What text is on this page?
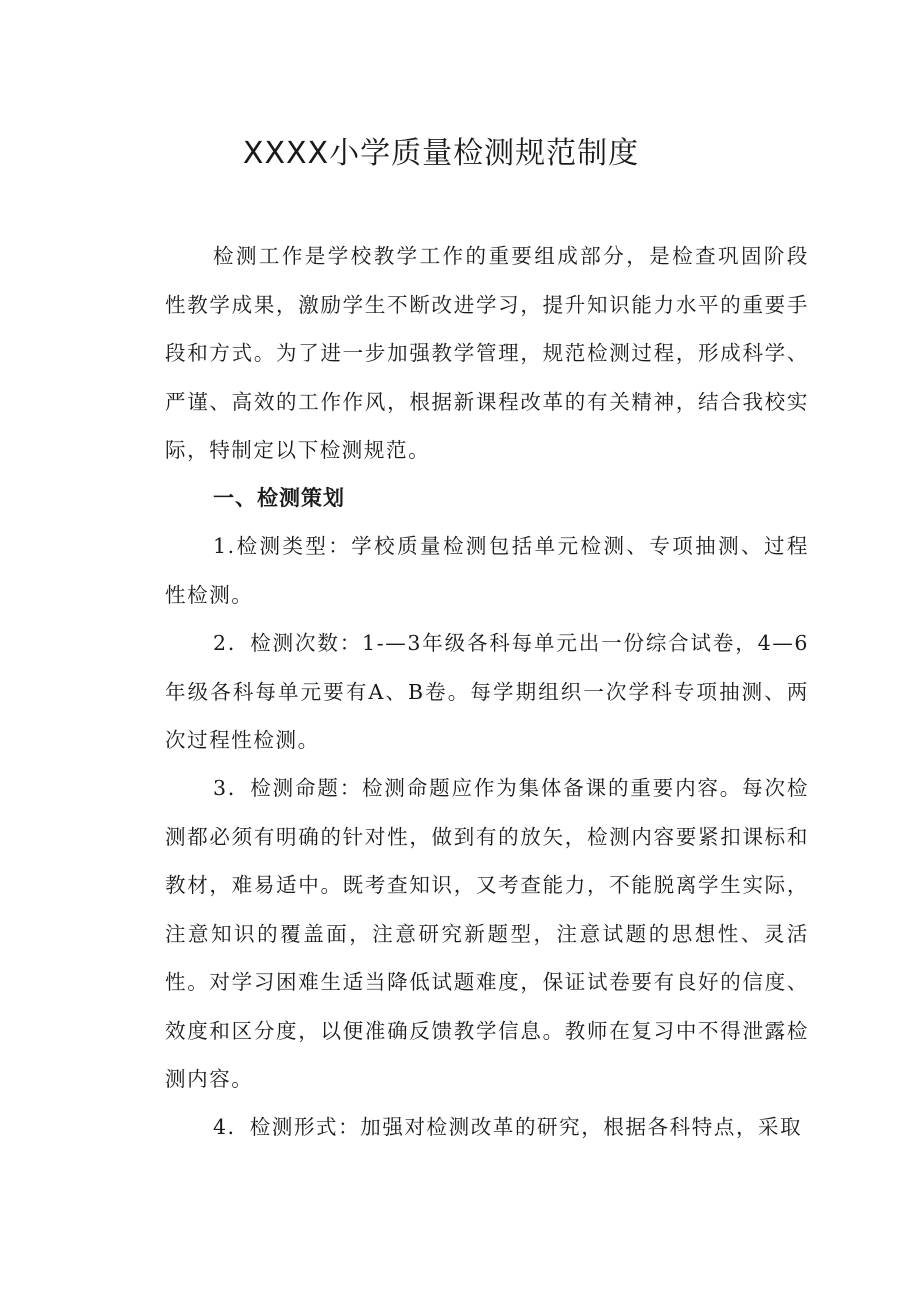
XXXX小学质量检测规范制度

检测工作是学校教学工作的重要组成部分，是检查巩固阶段性教学成果，激励学生不断改进学习，提升知识能力水平的重要手段和方式。为了进一步加强教学管理，规范检测过程，形成科学、严谨、高效的工作作风，根据新课程改革的有关精神，结合我校实际，特制定以下检测规范。

一、检测策划

1.检测类型：学校质量检测包括单元检测、专项抽测、过程性检测。

2．检测次数：1-—3年级各科每单元出一份综合试卷，4—6年级各科每单元要有A、B卷。每学期组织一次学科专项抽测、两次过程性检测。

3．检测命题：检测命题应作为集体备课的重要内容。每次检测都必须有明确的针对性，做到有的放矢，检测内容要紧扣课标和教材，难易适中。既考查知识，又考查能力，不能脱离学生实际，注意知识的覆盖面，注意研究新题型，注意试题的思想性、灵活性。对学习困难生适当降低试题难度，保证试卷要有良好的信度、效度和区分度，以便准确反馈教学信息。教师在复习中不得泄露检测内容。

4．检测形式：加强对检测改革的研究，根据各科特点，采取
